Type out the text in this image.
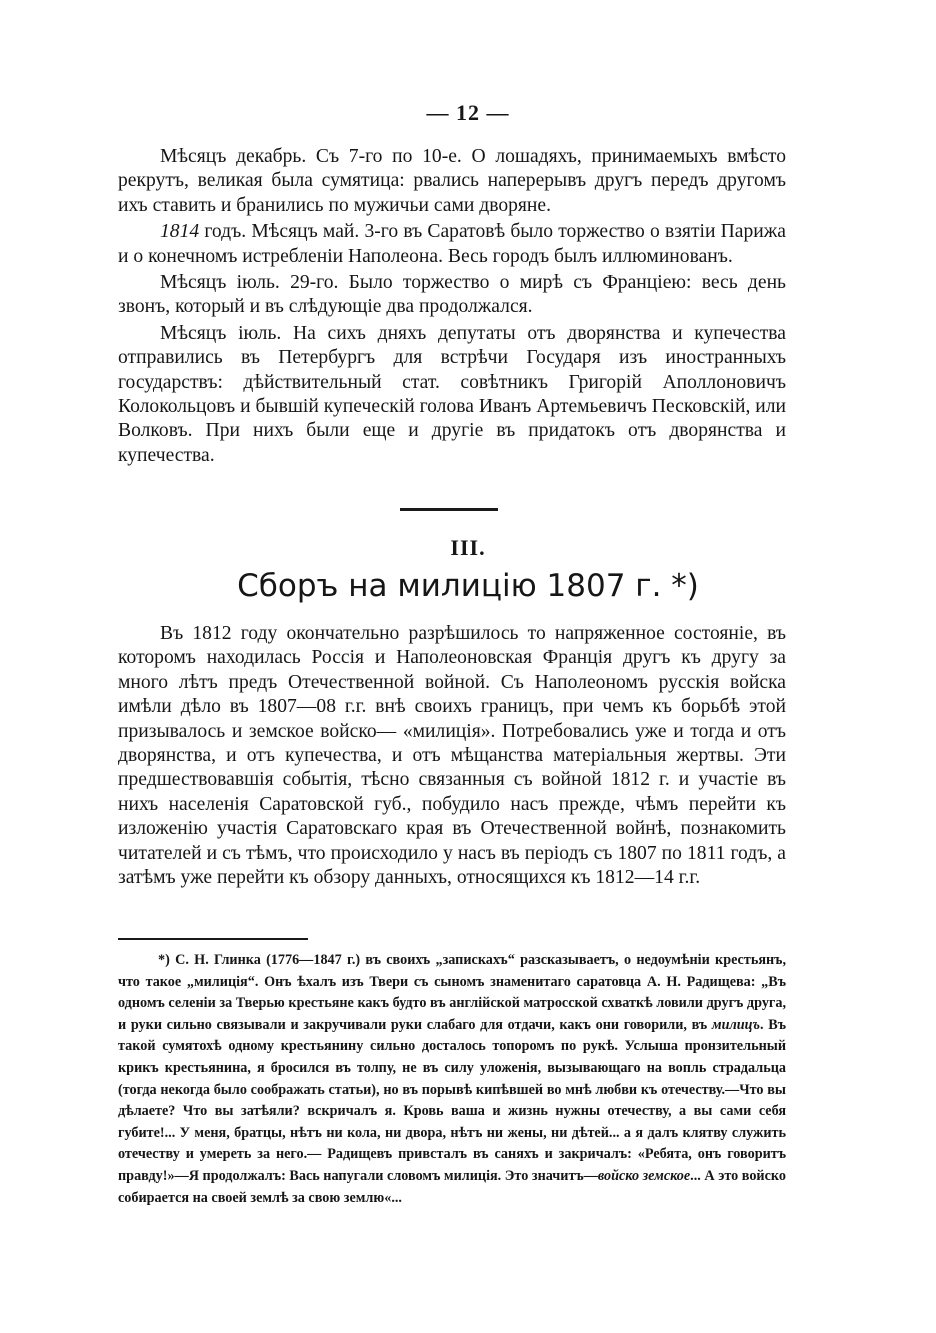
— 12 —

Мѣсяцъ декабрь. Съ 7-го по 10-е. О лошадяхъ, принимаемыхъ вмѣсто рекрутъ, великая была сумятица: рвались наперерывъ другъ передъ другомъ ихъ ставить и бранились по мужичьи сами дворяне.

1814 годъ. Мѣсяцъ май. 3-го въ Саратовѣ было торжество о взятіи Парижа и о конечномъ истребленіи Наполеона. Весь городъ былъ иллюминованъ.

Мѣсяцъ іюль. 29-го. Было торжество о мирѣ съ Франціею: весь день звонъ, который и въ слѣдующіе два продолжался.

Мѣсяцъ іюль. На сихъ дняхъ депутаты отъ дворянства и купечества отправились въ Петербургъ для встрѣчи Государя изъ иностранныхъ государствъ: дѣйствительный стат. совѣтникъ Григорій Аполлоновичъ Колокольцовъ и бывшій купеческій голова Иванъ Артемьевичъ Песковскій, или Волковъ. При нихъ были еще и другіе въ придатокъ отъ дворянства и купечества.

III.
Сборъ на милицію 1807 г. *)

Въ 1812 году окончательно разрѣшилось то напряженное состояніе, въ которомъ находилась Россія и Наполеоновская Франція другъ къ другу за много лѣтъ предъ Отечественной войной. Съ Наполеономъ русскія войска имѣли дѣло въ 1807—08 г.г. внѣ своихъ границъ, при чемъ къ борьбѣ этой призывалось и земское войско— «милиція». Потребовались уже и тогда и отъ дворянства, и отъ купечества, и отъ мѣщанства матеріальныя жертвы. Эти предшествовавшія событія, тѣсно связанныя съ войной 1812 г. и участіе въ нихъ населенія Саратовской губ., побудило насъ прежде, чѣмъ перейти къ изложенію участія Саратовскаго края въ Отечественной войнѣ, познакомить читателей и съ тѣмъ, что происходило у насъ въ періодъ съ 1807 по 1811 годъ, а затѣмъ уже перейти къ обзору данныхъ, относящихся къ 1812—14 г.г.

*) С. Н. Глинка (1776—1847 г.) въ своихъ „запискахъ“ разсказываетъ, о недоумѣніи крестьянъ, что такое „милиція“. Онъ ѣхалъ изъ Твери съ сыномъ знаменитаго саратовца А. Н. Радищева: „Въ одномъ селеніи за Тверью крестьяне какъ будто въ англійской матросской схваткѣ ловили другъ друга, и руки сильно связывали и закручивали руки слабаго для отдачи, какъ они говорили, въ милицъ. Въ такой сумятохѣ одному крестьянину сильно досталось топоромъ по рукѣ. Услыша пронзительный крикъ крестьянина, я бросился въ толпу, не въ силу уложенія, вызывающаго на вопль страдальца (тогда некогда было соображать статьи), но въ порывѣ кипѣвшей во мнѣ любви къ отечеству.—Что вы дѣлаете? Что вы затѣяли? вскричалъ я. Кровь ваша и жизнь нужны отечеству, а вы сами себя губите!... У меня, братцы, нѣтъ ни кола, ни двора, нѣтъ ни жены, ни дѣтей... а я далъ клятву служить отечеству и умереть за него.— Радищевъ привсталъ въ саняхъ и закричалъ: «Ребята, онъ говоритъ правду!»—Я продолжалъ: Вась напугали словомъ милиція. Это значитъ—войско земское... А это войско собирается на своей землѣ за свою землю«...
